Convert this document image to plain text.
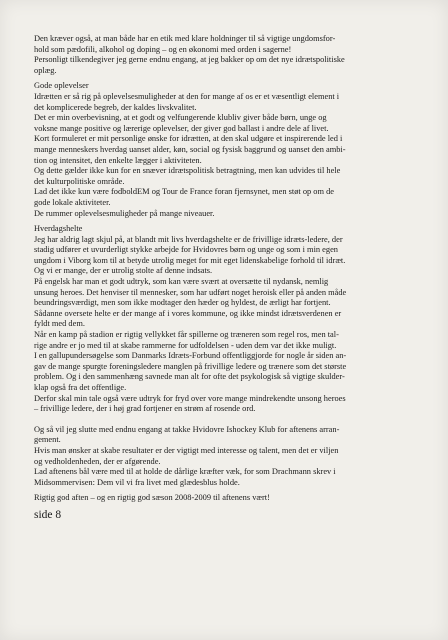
Den kræver også, at man både har en etik med klare holdninger til så vigtige ungdomsfor-
hold som pædofili, alkohol og doping – og en økonomi med orden i sagerne!
Personligt tilkendegiver jeg gerne endnu engang, at jeg bakker op om det nye idrætspolitiske
oplæg.
Gode oplevelser
Idrætten er så rig på oplevelsesmuligheder at den for mange af os er et væsentligt element i
det komplicerede begreb, der kaldes livskvalitet.
Det er min overbevisning, at et godt og velfungerende klubliv giver både børn, unge og
voksne mange positive og lærerige oplevelser, der giver god ballast i andre dele af livet.
Kort formuleret er mit personlige ønske for idrætten, at den skal udgøre et inspirerende led i
mange menneskers hverdag uanset alder, køn, social og fysisk baggrund og uanset den ambi-
tion og intensitet, den enkelte lægger i aktiviteten.
Og dette gælder ikke kun for en snæver idrætspolitisk betragtning, men kan udvides til hele
det kulturpolitiske område.
Lad det ikke kun være fodboldEM og Tour de France foran fjernsynet, men støt op om de
gode lokale aktiviteter.
De rummer oplevelsesmuligheder på mange niveauer.
Hverdagshelte
Jeg har aldrig lagt skjul på, at blandt mit livs hverdagshelte er de frivillige idræts-ledere, der
stadig udfører et uvurderligt stykke arbejde for Hvidovres børn og unge og som i min egen
ungdom i Viborg kom til at betyde utrolig meget for mit eget lidenskabelige forhold til idræt.
Og vi er mange, der er utrolig stolte af denne indsats.
På engelsk har man et godt udtryk, som kan være svært at oversætte til nydansk, nemlig
unsung heroes. Det henviser til mennesker, som har udført noget heroisk eller på anden måde
beundringsværdigt, men som ikke modtager den hæder og hyldest, de ærligt har fortjent.
Sådanne oversete helte er der mange af i vores kommune, og ikke mindst idrætsverdenen er
fyldt med dem.
Når en kamp på stadion er rigtig vellykket får spillerne og træneren som regel ros, men tal-
rige andre er jo med til at skabe rammerne for udfoldelsen - uden dem var det ikke muligt.
I en gallupundersøgelse som Danmarks Idræts-Forbund offentliggjorde for nogle år siden an-
gav de mange spurgte foreningsledere manglen på frivillige ledere og trænere som det største
problem. Og i den sammenhæng savnede man alt for ofte det psykologisk så vigtige skulder-
klap også fra det offentlige.
Derfor skal min tale også være udtryk for fryd over vore mange mindrekendte unsong heroes
– frivillige ledere, der i høj grad fortjener en strøm af rosende ord.
Og så vil jeg slutte med endnu engang at takke Hvidovre Ishockey Klub for aftenens arran-
gement.
Hvis man ønsker at skabe resultater er der vigtigt med interesse og talent, men det er viljen
og vedholdenheden, der er afgørende.
Lad aftenens bål være med til at holde de dårlige kræfter væk, for som Drachmann skrev i
Midsommervisen: Dem vil vi fra livet med glædesblus holde.
Rigtig god aften – og en rigtig god sæson 2008-2009 til aftenens vært!
side 8
